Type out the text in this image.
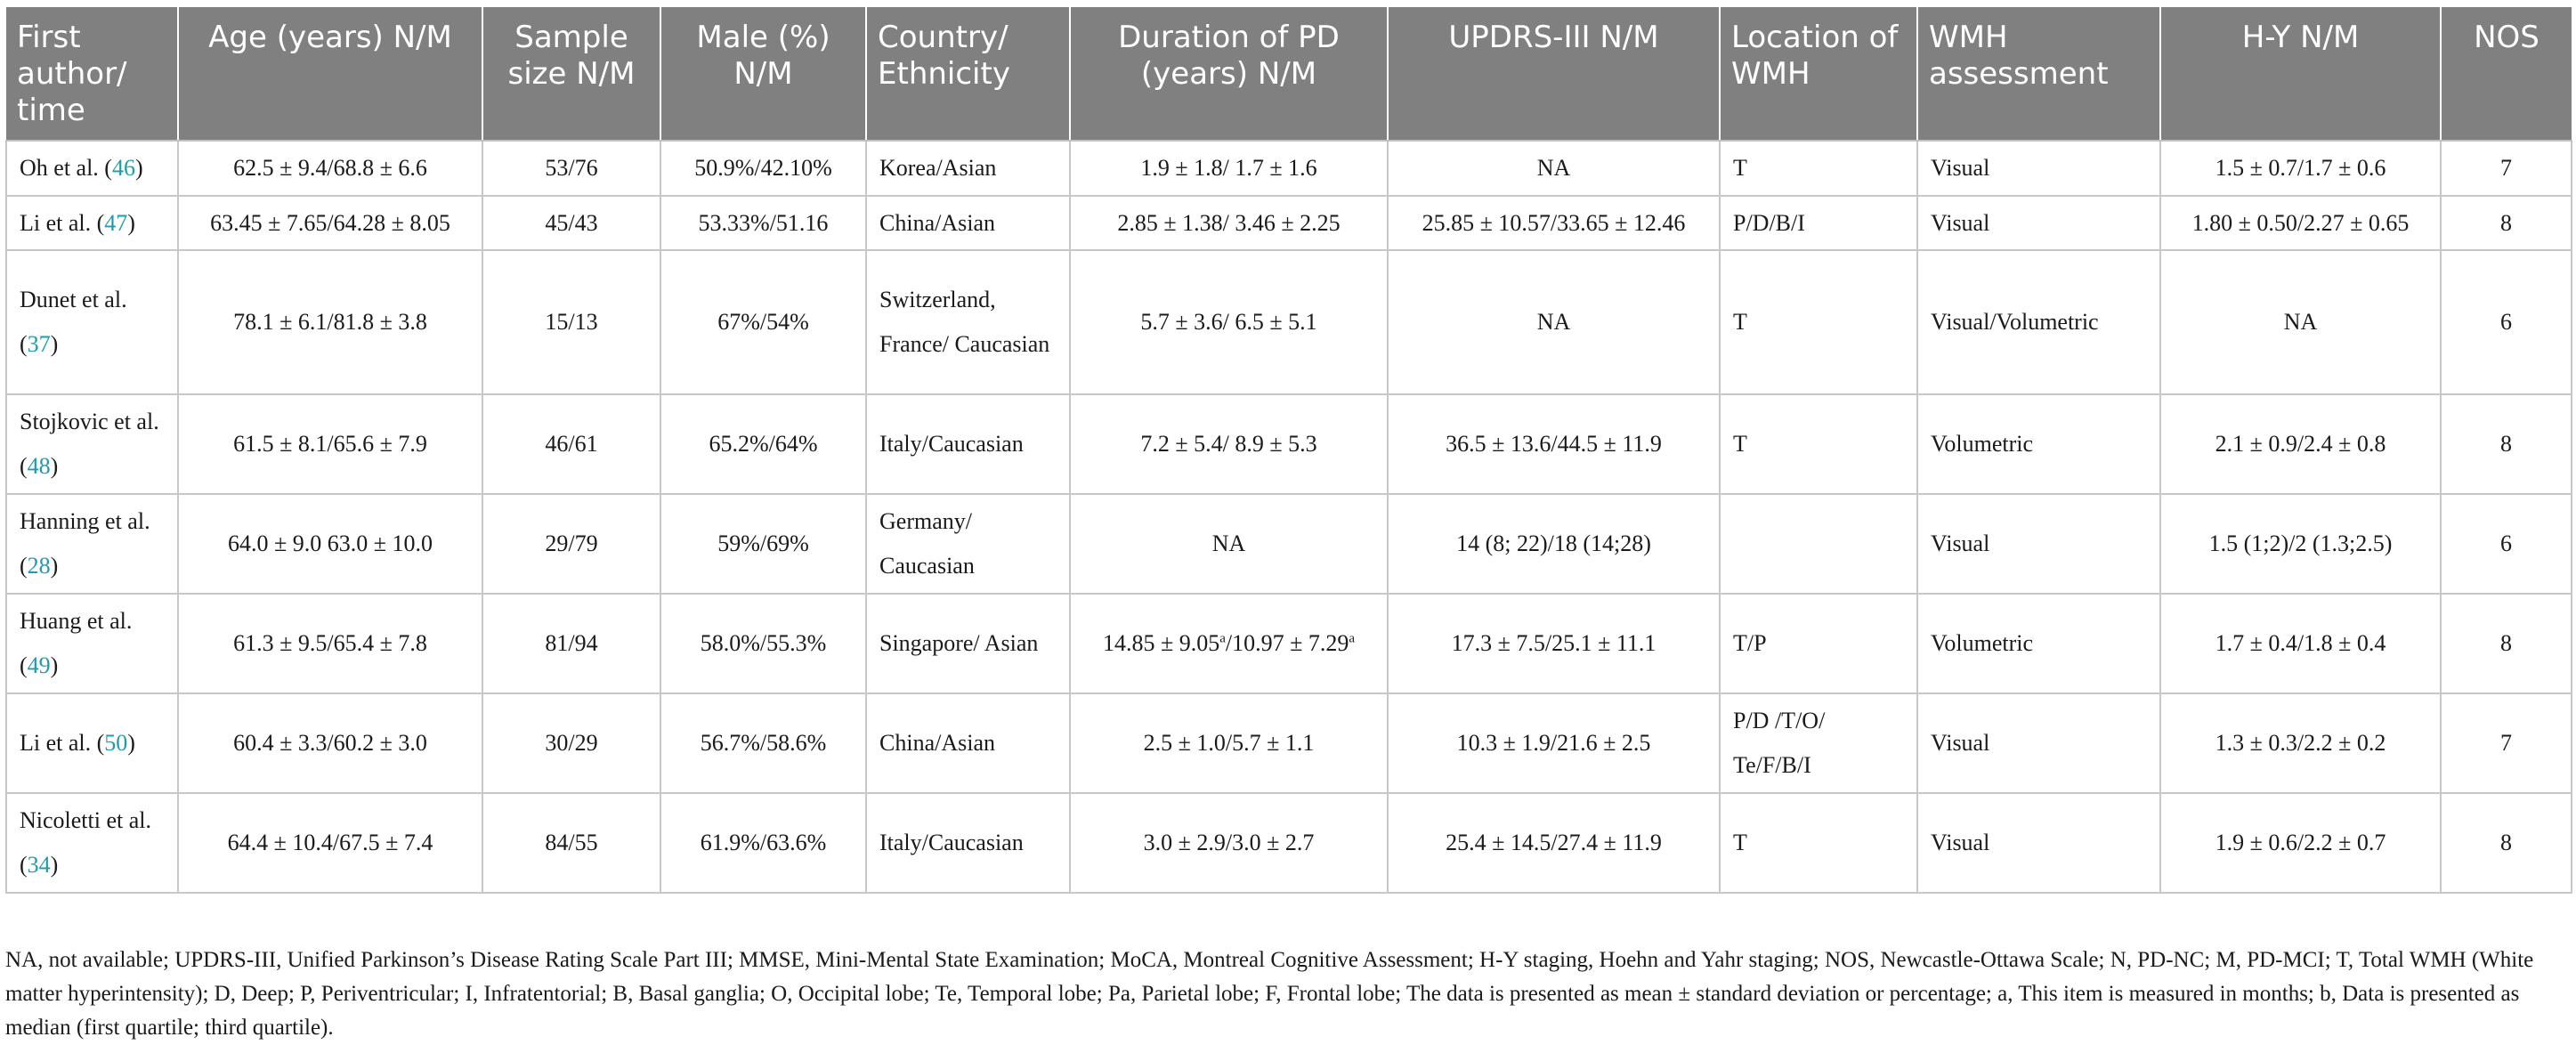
First author/ time	Age (years) N/M	Sample size N/M	Male (%) N/M	Country/ Ethnicity	Duration of PD (years) N/M	UPDRS-III N/M	Location of WMH	WMH assessment	H-Y N/M	NOS
Oh et al. (46)	62.5 ± 9.4/68.8 ± 6.6	53/76	50.9%/42.10%	Korea/Asian	1.9 ± 1.8/ 1.7 ± 1.6	NA	T	Visual	1.5 ± 0.7/1.7 ± 0.6	7
Li et al. (47)	63.45 ± 7.65/64.28 ± 8.05	45/43	53.33%/51.16	China/Asian	2.85 ± 1.38/ 3.46 ± 2.25	25.85 ± 10.57/33.65 ± 12.46	P/D/B/I	Visual	1.80 ± 0.50/2.27 ± 0.65	8
Dunet et al. (37)	78.1 ± 6.1/81.8 ± 3.8	15/13	67%/54%	Switzerland, France/ Caucasian	5.7 ± 3.6/ 6.5 ± 5.1	NA	T	Visual/Volumetric	NA	6
Stojkovic et al. (48)	61.5 ± 8.1/65.6 ± 7.9	46/61	65.2%/64%	Italy/Caucasian	7.2 ± 5.4/ 8.9 ± 5.3	36.5 ± 13.6/44.5 ± 11.9	T	Volumetric	2.1 ± 0.9/2.4 ± 0.8	8
Hanning et al. (28)	64.0 ± 9.0 63.0 ± 10.0	29/79	59%/69%	Germany/ Caucasian	NA	14 (8; 22)/18 (14;28)		Visual	1.5 (1;2)/2 (1.3;2.5)	6
Huang et al. (49)	61.3 ± 9.5/65.4 ± 7.8	81/94	58.0%/55.3%	Singapore/ Asian	14.85 ± 9.05$^a$/10.97 ± 7.29$^a$	17.3 ± 7.5/25.1 ± 11.1	T/P	Volumetric	1.7 ± 0.4/1.8 ± 0.4	8
Li et al. (50)	60.4 ± 3.3/60.2 ± 3.0	30/29	56.7%/58.6%	China/Asian	2.5 ± 1.0/5.7 ± 1.1	10.3 ± 1.9/21.6 ± 2.5	P/D /T/O/ Te/F/B/I	Visual	1.3 ± 0.3/2.2 ± 0.2	7
Nicoletti et al. (34)	64.4 ± 10.4/67.5 ± 7.4	84/55	61.9%/63.6%	Italy/Caucasian	3.0 ± 2.9/3.0 ± 2.7	25.4 ± 14.5/27.4 ± 11.9	T	Visual	1.9 ± 0.6/2.2 ± 0.7	8
NA, not available; UPDRS-III, Unified Parkinson’s Disease Rating Scale Part III; MMSE, Mini-Mental State Examination; MoCA, Montreal Cognitive Assessment; H-Y staging, Hoehn and Yahr staging; NOS, Newcastle-Ottawa Scale; N, PD-NC; M, PD-MCI; T, Total WMH (White matter hyperintensity); D, Deep; P, Periventricular; I, Infratentorial; B, Basal ganglia; O, Occipital lobe; Te, Temporal lobe; Pa, Parietal lobe; F, Frontal lobe; The data is presented as mean ± standard deviation or percentage; a, This item is measured in months; b, Data is presented as median (first quartile; third quartile).
